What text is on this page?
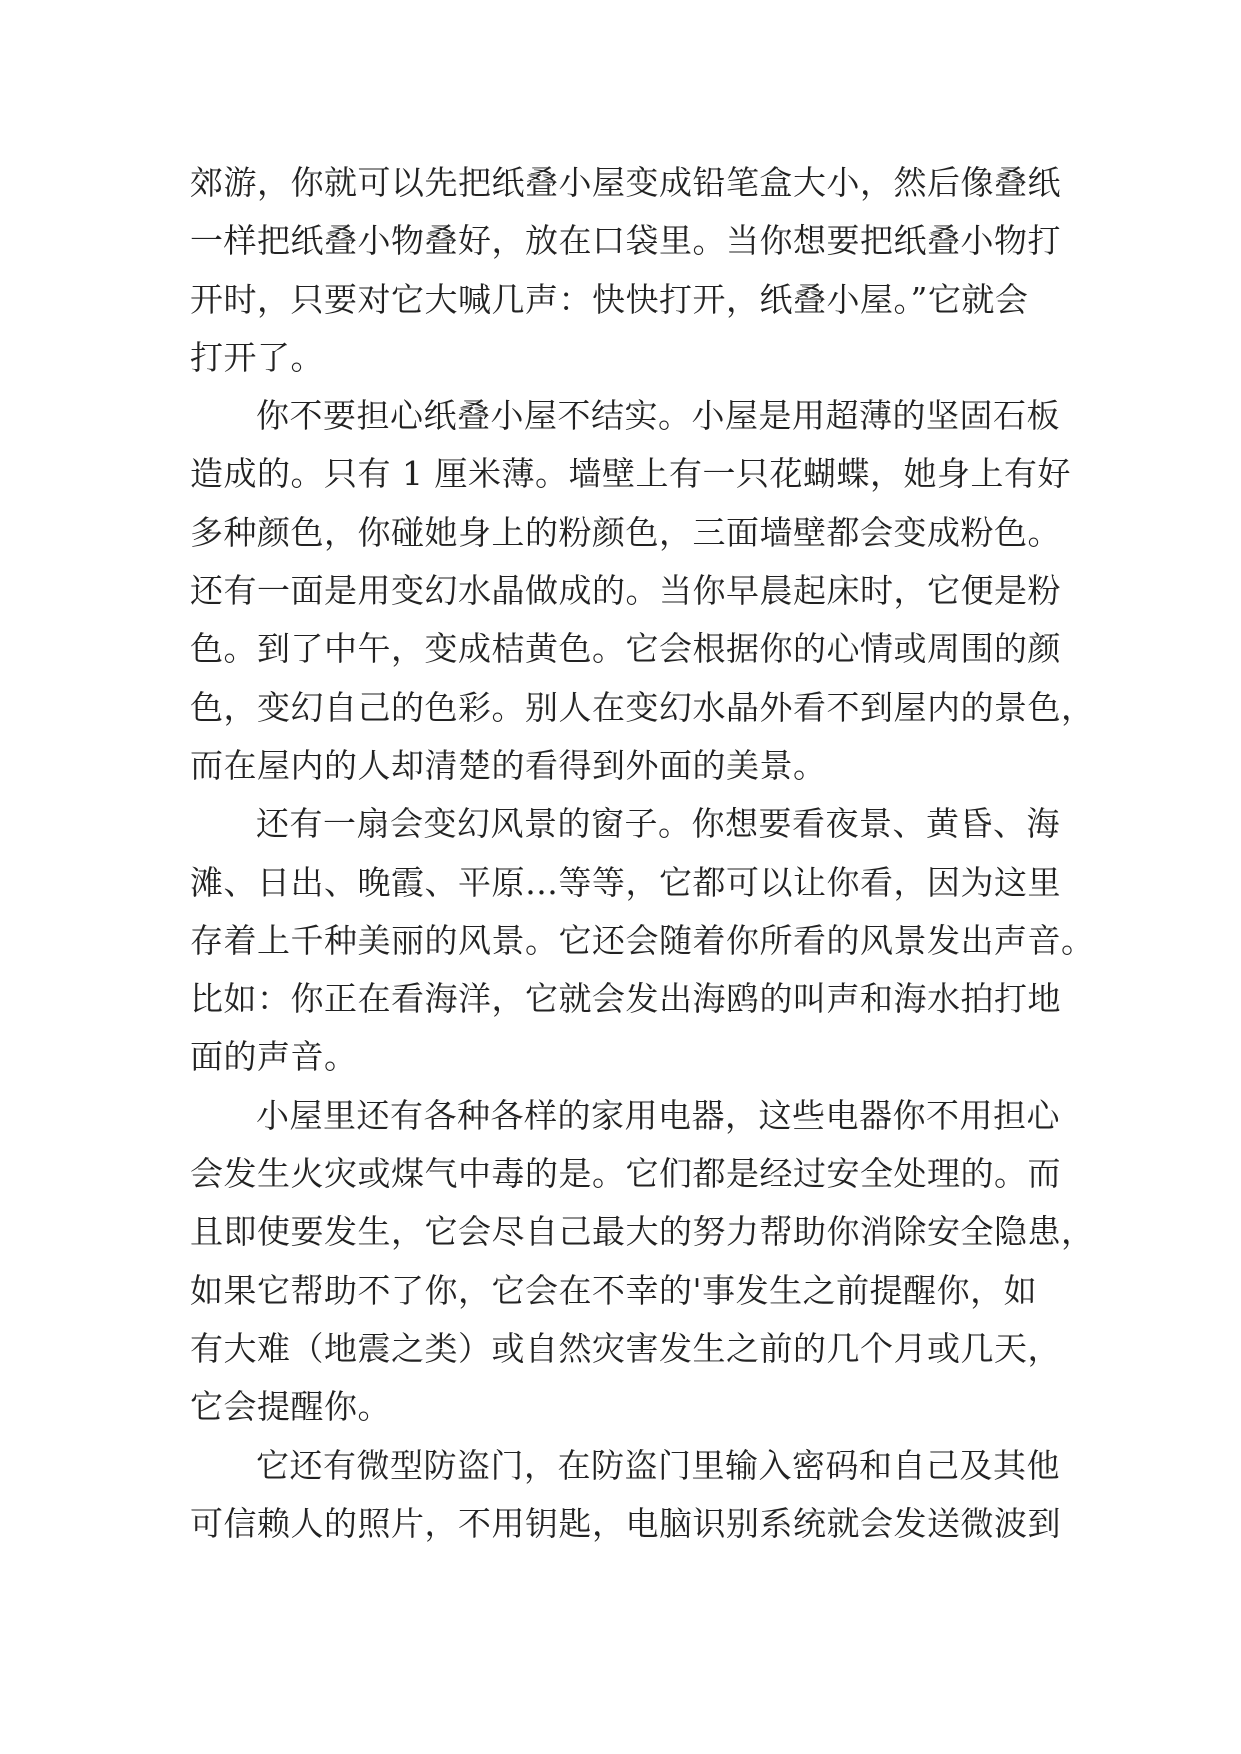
郊游，你就可以先把纸叠小屋变成铅笔盒大小，然后像叠纸
一样把纸叠小物叠好，放在口袋里。当你想要把纸叠小物打
开时，只要对它大喊几声：快快打开，纸叠小屋。”它就会
打开了。
你不要担心纸叠小屋不结实。小屋是用超薄的坚固石板
造成的。只有 1 厘米薄。墙壁上有一只花蝴蝶，她身上有好
多种颜色，你碰她身上的粉颜色，三面墙壁都会变成粉色。
还有一面是用变幻水晶做成的。当你早晨起床时，它便是粉
色。到了中午，变成桔黄色。它会根据你的心情或周围的颜
色，变幻自己的色彩。别人在变幻水晶外看不到屋内的景色，
而在屋内的人却清楚的看得到外面的美景。
还有一扇会变幻风景的窗子。你想要看夜景、黄昏、海
滩、日出、晚霞、平原…等等，它都可以让你看，因为这里
存着上千种美丽的风景。它还会随着你所看的风景发出声音。
比如：你正在看海洋，它就会发出海鸥的叫声和海水拍打地
面的声音。
小屋里还有各种各样的家用电器，这些电器你不用担心
会发生火灾或煤气中毒的是。它们都是经过安全处理的。而
且即使要发生，它会尽自己最大的努力帮助你消除安全隐患，
如果它帮助不了你，它会在不幸的'事发生之前提醒你，如
有大难（地震之类）或自然灾害发生之前的几个月或几天，
它会提醒你。
它还有微型防盗门，在防盗门里输入密码和自己及其他
可信赖人的照片，不用钥匙，电脑识别系统就会发送微波到
